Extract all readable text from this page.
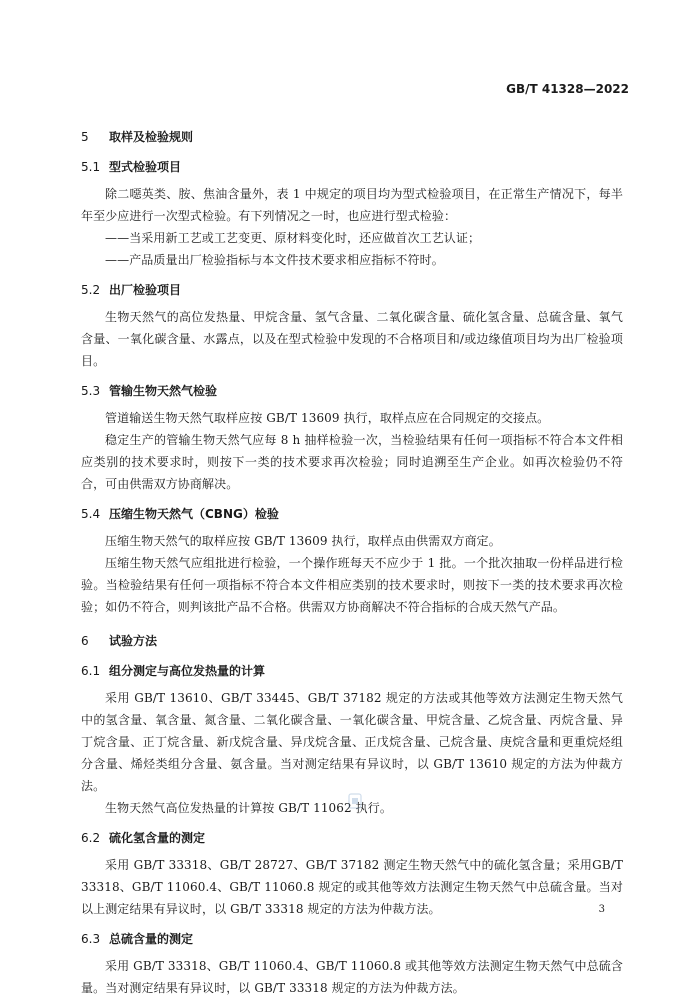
GB/T 41328—2022
5 取样及检验规则
5.1 型式检验项目

除二噁英类、胺、焦油含量外，表 1 中规定的项目均为型式检验项目，在正常生产情况下，每半年至少应进行一次型式检验。有下列情况之一时，也应进行型式检验：

——当采用新工艺或工艺变更、原材料变化时，还应做首次工艺认证；

——产品质量出厂检验指标与本文件技术要求相应指标不符时。

5.2 出厂检验项目

生物天然气的高位发热量、甲烷含量、氢气含量、二氧化碳含量、硫化氢含量、总硫含量、氧气含量、一氧化碳含量、水露点，以及在型式检验中发现的不合格项目和/或边缘值项目均为出厂检验项目。

5.3 管输生物天然气检验

管道输送生物天然气取样应按 GB/T 13609 执行，取样点应在合同规定的交接点。

稳定生产的管输生物天然气应每 8 h 抽样检验一次，当检验结果有任何一项指标不符合本文件相应类别的技术要求时，则按下一类的技术要求再次检验；同时追溯至生产企业。如再次检验仍不符合，可由供需双方协商解决。

5.4 压缩生物天然气（CBNG）检验

压缩生物天然气的取样应按 GB/T 13609 执行，取样点由供需双方商定。

压缩生物天然气应组批进行检验，一个操作班每天不应少于 1 批。一个批次抽取一份样品进行检验。当检验结果有任何一项指标不符合本文件相应类别的技术要求时，则按下一类的技术要求再次检验；如仍不符合，则判该批产品不合格。供需双方协商解决不符合指标的合成天然气产品。

6 试验方法
6.1 组分测定与高位发热量的计算

采用 GB/T 13610、GB/T 33445、GB/T 37182 规定的方法或其他等效方法测定生物天然气中的氢含量、氧含量、氮含量、二氧化碳含量、一氧化碳含量、甲烷含量、乙烷含量、丙烷含量、异丁烷含量、正丁烷含量、新戊烷含量、异戊烷含量、正戊烷含量、己烷含量、庚烷含量和更重烷烃组分含量、烯烃类组分含量、氨含量。当对测定结果有异议时，以 GB/T 13610 规定的方法为仲裁方法。

生物天然气高位发热量的计算按 GB/T 11062 执行。

6.2 硫化氢含量的测定

采用 GB/T 33318、GB/T 28727、GB/T 37182 测定生物天然气中的硫化氢含量；采用GB/T 33318、GB/T 11060.4、GB/T 11060.8 规定的或其他等效方法测定生物天然气中总硫含量。当对以上测定结果有异议时，以 GB/T 33318 规定的方法为仲裁方法。

6.3 总硫含量的测定

采用 GB/T 33318、GB/T 11060.4、GB/T 11060.8 或其他等效方法测定生物天然气中总硫含量。当对测定结果有异议时，以 GB/T 33318 规定的方法为仲裁方法。

3
